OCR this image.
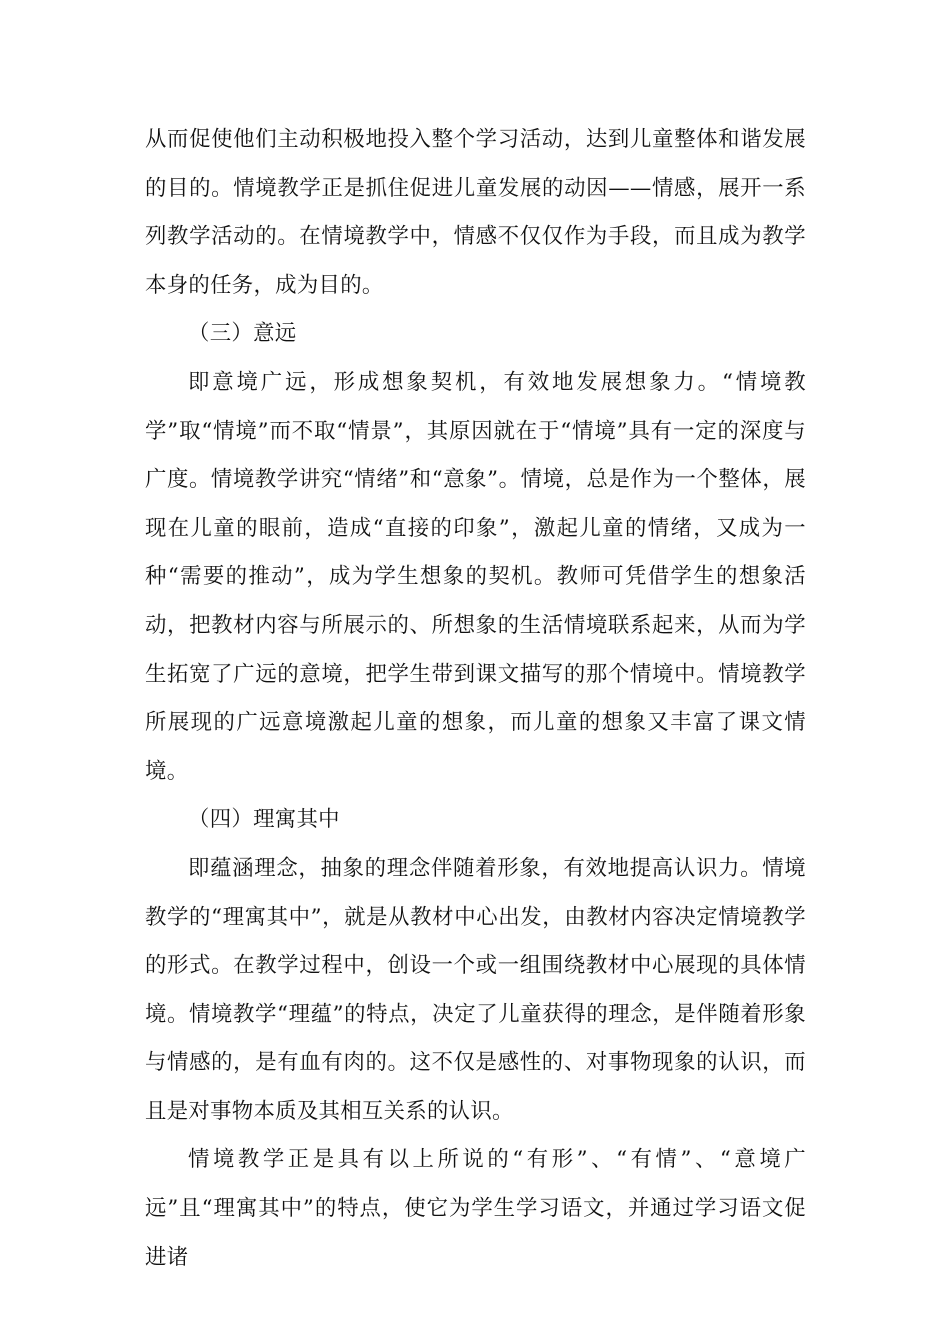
从而促使他们主动积极地投入整个学习活动，达到儿童整体和谐发展的目的。情境教学正是抓住促进儿童发展的动因——情感，展开一系列教学活动的。在情境教学中，情感不仅仅作为手段，而且成为教学本身的任务，成为目的。

（三）意远

即意境广远，形成想象契机，有效地发展想象力。“情境教学”取“情境”而不取“情景”，其原因就在于“情境”具有一定的深度与广度。情境教学讲究“情绪”和“意象”。情境，总是作为一个整体，展现在儿童的眼前，造成“直接的印象”，激起儿童的情绪，又成为一种“需要的推动”，成为学生想象的契机。教师可凭借学生的想象活动，把教材内容与所展示的、所想象的生活情境联系起来，从而为学生拓宽了广远的意境，把学生带到课文描写的那个情境中。情境教学所展现的广远意境激起儿童的想象，而儿童的想象又丰富了课文情境。

（四）理寓其中

即蕴涵理念，抽象的理念伴随着形象，有效地提高认识力。情境教学的“理寓其中”，就是从教材中心出发，由教材内容决定情境教学的形式。在教学过程中，创设一个或一组围绕教材中心展现的具体情境。情境教学“理蕴”的特点，决定了儿童获得的理念，是伴随着形象与情感的，是有血有肉的。这不仅是感性的、对事物现象的认识，而且是对事物本质及其相互关系的认识。

情境教学正是具有以上所说的“有形”、“有情”、“意境广远”且“理寓其中”的特点，使它为学生学习语文，并通过学习语文促进诸
